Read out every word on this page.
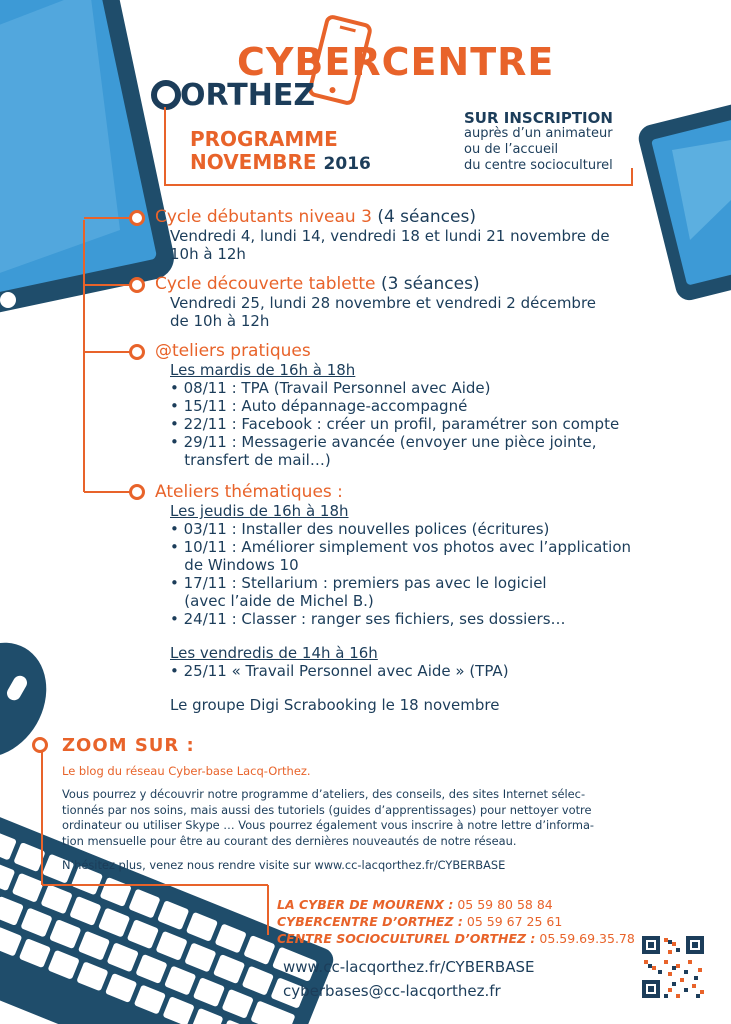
CYBERCENTRE
ORTHEZ
PROGRAMME
NOVEMBRE 2016
SUR INSCRIPTION
auprès d’un animateur
ou de l’accueil
du centre socioculturel
Cycle débutants niveau 3 (4 séances)
Vendredi 4, lundi 14, vendredi 18 et lundi 21 novembre de
10h à 12h
Cycle découverte tablette (3 séances)
Vendredi 25, lundi 28 novembre et vendredi 2 décembre
de 10h à 12h
@teliers pratiques
Les mardis de 16h à 18h
• 08/11 : TPA (Travail Personnel avec Aide)
• 15/11 : Auto dépannage-accompagné
• 22/11 : Facebook : créer un profil, paramétrer son compte
• 29/11 : Messagerie avancée (envoyer une pièce jointe,
transfert de mail…)
Ateliers thématiques :
Les jeudis de 16h à 18h
• 03/11 : Installer des nouvelles polices (écritures)
• 10/11 : Améliorer simplement vos photos avec l’application
de Windows 10
• 17/11 : Stellarium : premiers pas avec le logiciel
(avec l’aide de Michel B.)
• 24/11 : Classer : ranger ses fichiers, ses dossiers…
Les vendredis de 14h à 16h
• 25/11 « Travail Personnel avec Aide » (TPA)
Le groupe Digi Scrabooking le 18 novembre
ZOOM SUR :
Le blog du réseau Cyber-base Lacq-Orthez.
Vous pourrez y découvrir notre programme d’ateliers, des conseils, des sites Internet sélec-
tionnés par nos soins, mais aussi des tutoriels (guides d’apprentissages) pour nettoyer votre
ordinateur ou utiliser Skype … Vous pourrez également vous inscrire à notre lettre d’informa-
tion mensuelle pour être au courant des dernières nouveautés de notre réseau.
N’hésitez plus, venez nous rendre visite sur www.cc-lacqorthez.fr/CYBERBASE
LA CYBER DE MOURENX : 05 59 80 58 84
CYBERCENTRE D’ORTHEZ : 05 59 67 25 61
CENTRE SOCIOCULTUREL D’ORTHEZ : 05.59.69.35.78
www.cc-lacqorthez.fr/CYBERBASE
cyberbases@cc-lacqorthez.fr
